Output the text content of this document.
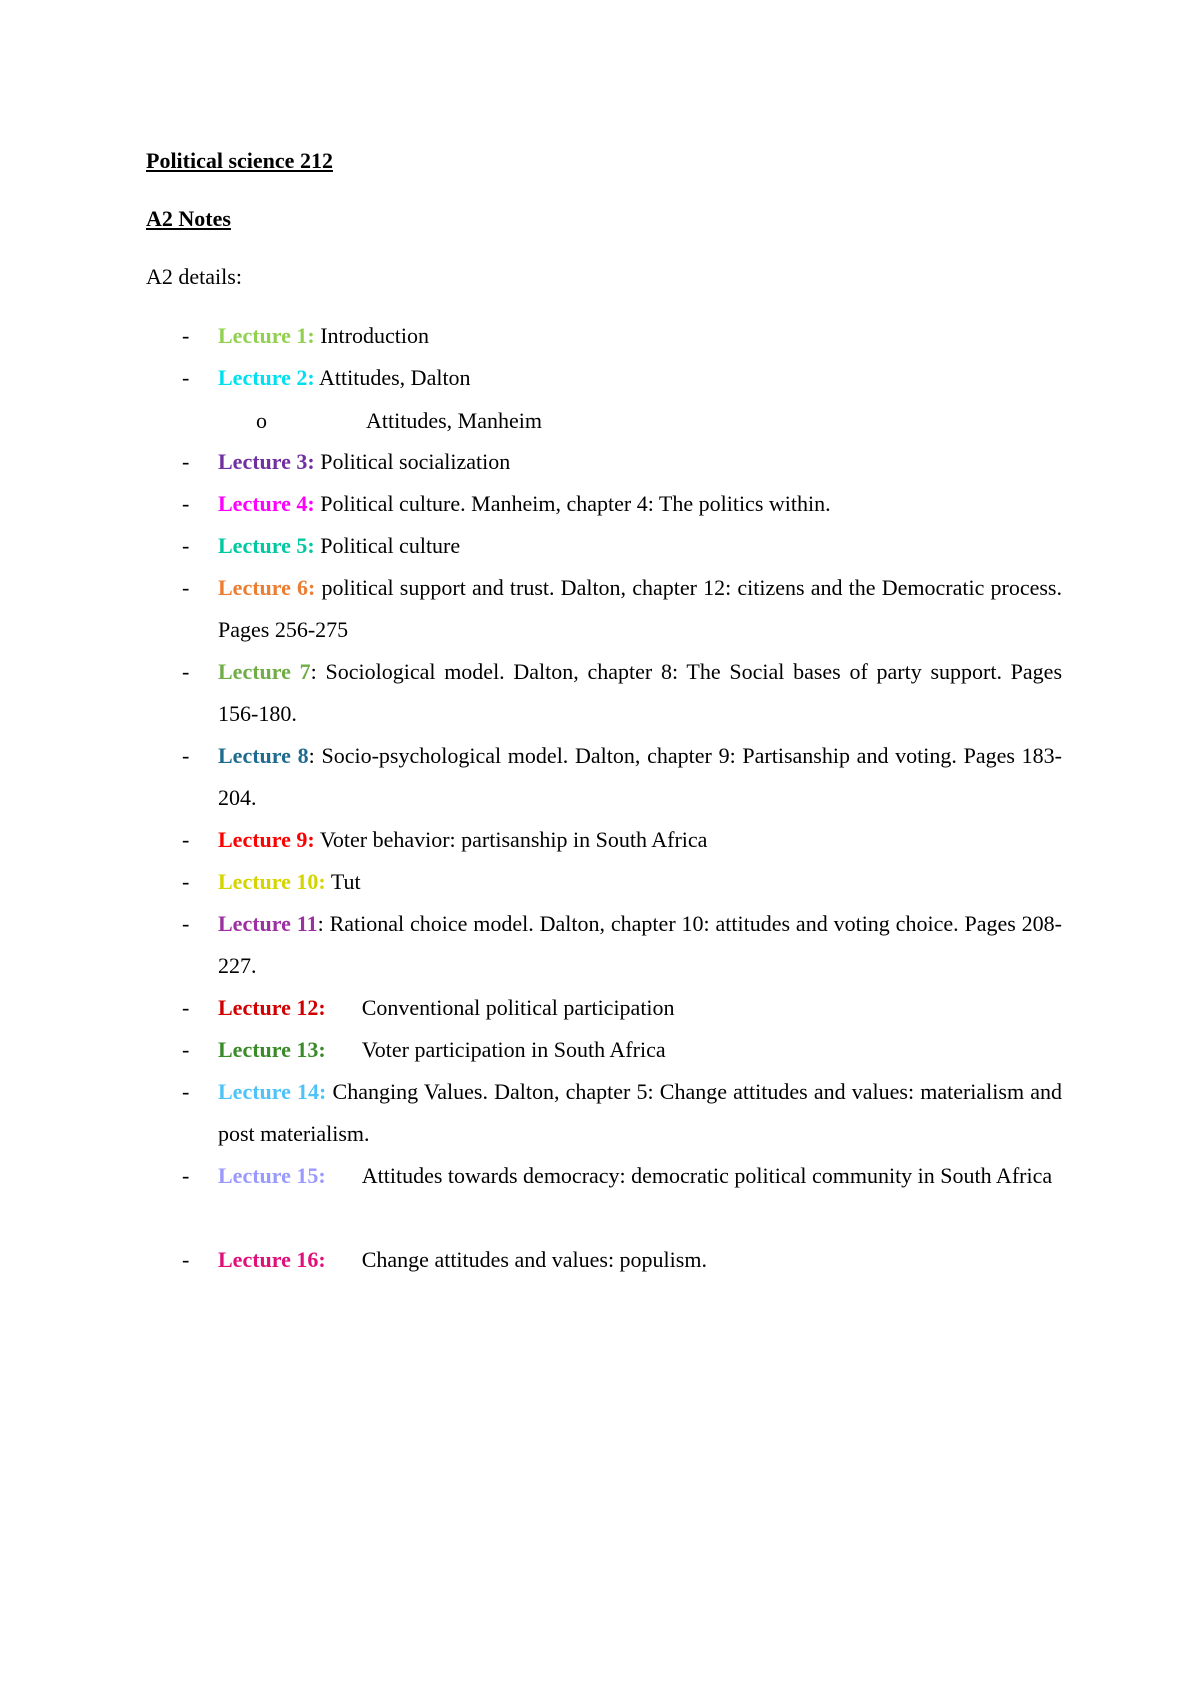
Political science 212
A2 Notes
A2 details:
-	Lecture 1: Introduction
-	Lecture 2: Attitudes, Dalton
o	Attitudes, Manheim
-	Lecture 3: Political socialization
-	Lecture 4: Political culture. Manheim, chapter 4: The politics within.
-	Lecture 5: Political culture
-	Lecture 6: political support and trust. Dalton, chapter 12: citizens and the Democratic process. Pages 256-275
-	Lecture 7: Sociological model. Dalton, chapter 8: The Social bases of party support. Pages 156-180.
-	Lecture 8: Socio-psychological model. Dalton, chapter 9: Partisanship and voting. Pages 183-204.
-	Lecture 9: Voter behavior: partisanship in South Africa
-	Lecture 10: Tut
-	Lecture 11: Rational choice model. Dalton, chapter 10: attitudes and voting choice. Pages 208-227.
-	Lecture 12: Conventional political participation
-	Lecture 13: Voter participation in South Africa
-	Lecture 14: Changing Values. Dalton, chapter 5: Change attitudes and values: materialism and post materialism.
-	Lecture 15: Attitudes towards democracy: democratic political community in South Africa
-	Lecture 16: Change attitudes and values: populism.
